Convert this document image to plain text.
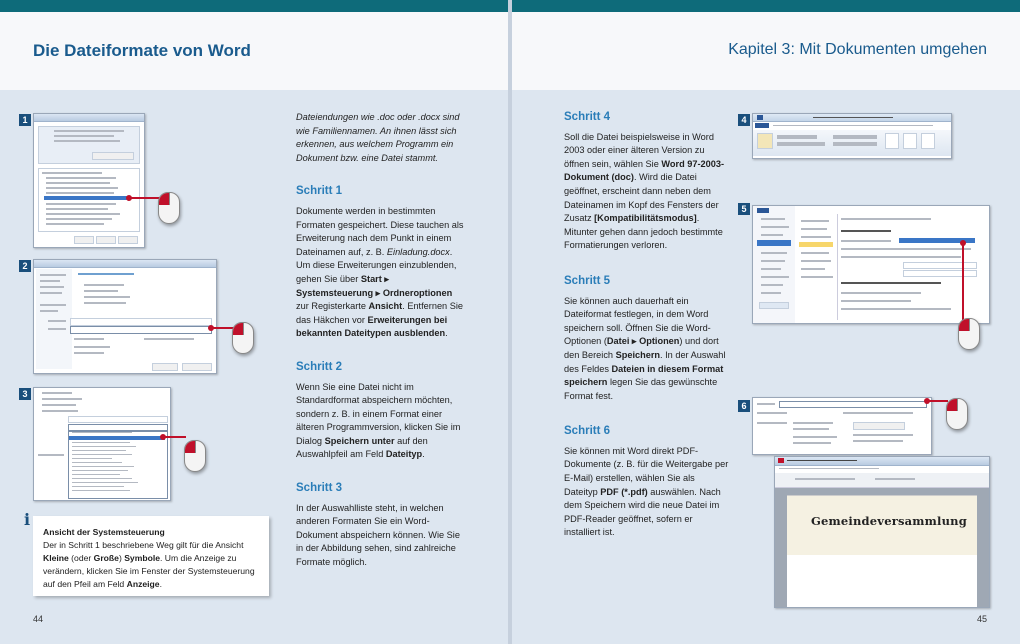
Die Dateiformate von Word
1
2
3
i
Ansicht der Systemsteuerung
Der in Schritt 1 beschriebene Weg gilt für die Ansicht Kleine (oder Große) Symbole. Um die Anzeige zu verändern, klicken Sie im Fenster der Systemsteuerung auf den Pfeil am Feld Anzeige.

Dateiendungen wie .doc oder .docx sind wie Familiennamen. An ihnen lässt sich erkennen, aus welchem Programm ein Dokument bzw. eine Datei stammt.

Schritt 1

Dokumente werden in bestimmten Formaten gespeichert. Diese tauchen als Erweiterung nach dem Punkt in einem Dateinamen auf, z. B. Einladung.docx. Um diese Erweiterungen einzublenden, gehen Sie über Start ▸ Systemsteuerung ▸ Ordneroptionen zur Registerkarte Ansicht. Entfernen Sie das Häkchen vor Erweiterungen bei bekannten Dateitypen ausblenden.

Schritt 2

Wenn Sie eine Datei nicht im Standardformat abspeichern möchten, sondern z. B. in einem Format einer älteren Programmversion, klicken Sie im Dialog Speichern unter auf den Auswahlpfeil am Feld Dateityp.

Schritt 3

In der Auswahlliste steht, in welchen anderen Formaten Sie ein Word-Dokument abspeichern können. Wie Sie in der Abbildung sehen, sind zahlreiche Formate möglich.

44
Kapitel 3: Mit Dokumenten umgehen
Schritt 4

Soll die Datei beispielsweise in Word 2003 oder einer älteren Version zu öffnen sein, wählen Sie Word 97-2003-Dokument (doc). Wird die Datei geöffnet, erscheint dann neben dem Dateinamen im Kopf des Fensters der Zusatz [Kompatibilitätsmodus]. Mitunter gehen dann jedoch bestimmte Formatierungen verloren.

Schritt 5

Sie können auch dauerhaft ein Dateiformat festlegen, in dem Word speichern soll. Öffnen Sie die Word-Optionen (Datei ▸ Optionen) und dort den Bereich Speichern. In der Auswahl des Feldes Dateien in diesem Format speichern legen Sie das gewünschte Format fest.

Schritt 6

Sie können mit Word direkt PDF-Dokumente (z. B. für die Weitergabe per E-Mail) erstellen, wählen Sie als Dateityp PDF (*.pdf) auswählen. Nach dem Speichern wird die neue Datei im PDF-Reader geöffnet, sofern er installiert ist.

4
5
6
Gemeindeversammlung
45
